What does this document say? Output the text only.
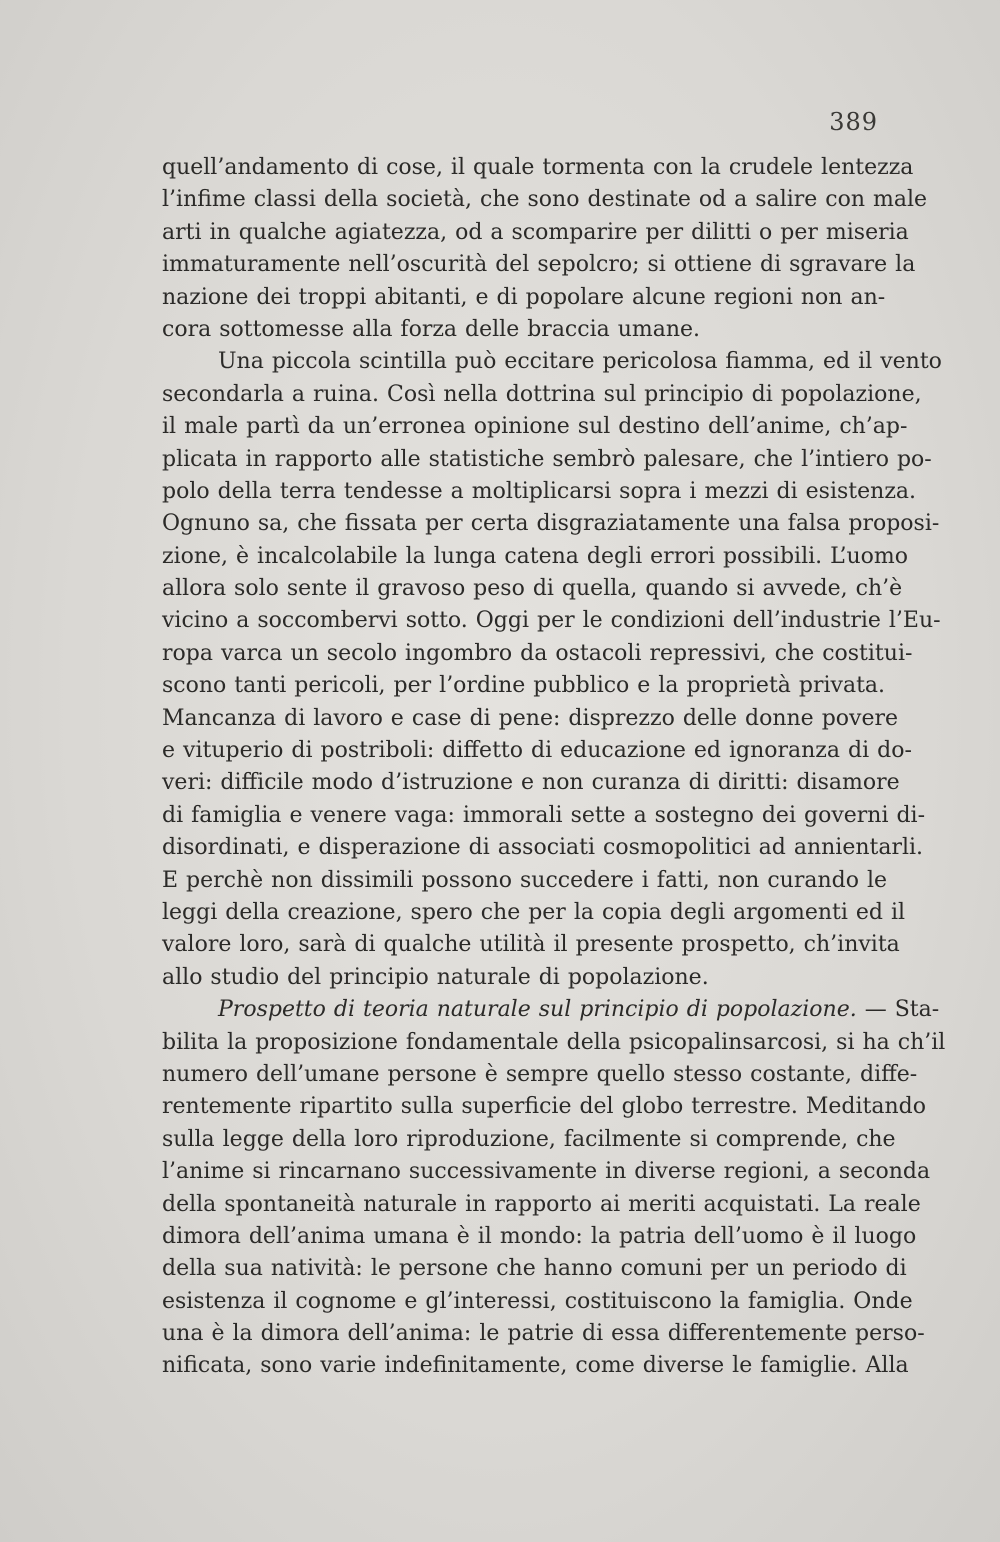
389
quell’andamento di cose, il quale tormenta con la crudele lentezza
l’infime classi della società, che sono destinate od a salire con male
arti in qualche agiatezza, od a scomparire per dilitti o per miseria
immaturamente nell’oscurità del sepolcro; si ottiene di sgravare la
nazione dei troppi abitanti, e di popolare alcune regioni non an-
cora sottomesse alla forza delle braccia umane.
Una piccola scintilla può eccitare pericolosa fiamma, ed il vento
secondarla a ruina. Così nella dottrina sul principio di popolazione,
il male partì da un’erronea opinione sul destino dell’anime, ch’ap-
plicata in rapporto alle statistiche sembrò palesare, che l’intiero po-
polo della terra tendesse a moltiplicarsi sopra i mezzi di esistenza.
Ognuno sa, che fissata per certa disgraziatamente una falsa proposi-
zione, è incalcolabile la lunga catena degli errori possibili. L’uomo
allora solo sente il gravoso peso di quella, quando si avvede, ch’è
vicino a soccombervi sotto. Oggi per le condizioni dell’industrie l’Eu-
ropa varca un secolo ingombro da ostacoli repressivi, che costitui-
scono tanti pericoli, per l’ordine pubblico e la proprietà privata.
Mancanza di lavoro e case di pene: disprezzo delle donne povere
e vituperio di postriboli: diffetto di educazione ed ignoranza di do-
veri: difficile modo d’istruzione e non curanza di diritti: disamore
di famiglia e venere vaga: immorali sette a sostegno dei governi di-
disordinati, e disperazione di associati cosmopolitici ad annientarli.
E perchè non dissimili possono succedere i fatti, non curando le
leggi della creazione, spero che per la copia degli argomenti ed il
valore loro, sarà di qualche utilità il presente prospetto, ch’invita
allo studio del principio naturale di popolazione.
Prospetto di teoria naturale sul principio di popolazione. — Sta-
bilita la proposizione fondamentale della psicopalinsarcosi, si ha ch’il
numero dell’umane persone è sempre quello stesso costante, diffe-
rentemente ripartito sulla superficie del globo terrestre. Meditando
sulla legge della loro riproduzione, facilmente si comprende, che
l’anime si rincarnano successivamente in diverse regioni, a seconda
della spontaneità naturale in rapporto ai meriti acquistati. La reale
dimora dell’anima umana è il mondo: la patria dell’uomo è il luogo
della sua natività: le persone che hanno comuni per un periodo di
esistenza il cognome e gl’interessi, costituiscono la famiglia. Onde
una è la dimora dell’anima: le patrie di essa differentemente perso-
nificata, sono varie indefinitamente, come diverse le famiglie. Alla
